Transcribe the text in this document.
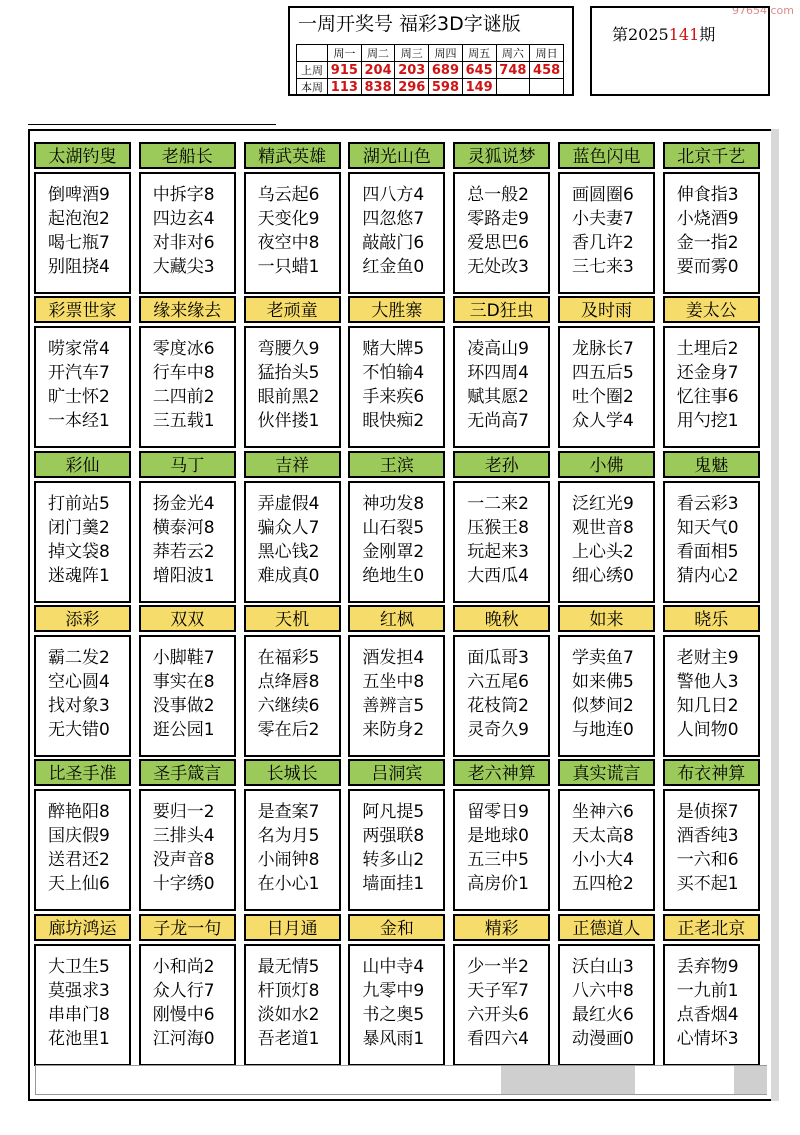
97654.com
一周开奖号 福彩3D字谜版
	周一	周二	周三	周四	周五	周六	周日
上周	915	204	203	689	645	748	458
本周	113	838	296	598	149		
第2025141期
太湖钓叟
倒啤酒9
起泡泡2
喝七瓶7
别阻挠4
老船长
中拆字8
四边玄4
对非对6
大藏尖3
精武英雄
乌云起6
天变化9
夜空中8
一只蜡1
湖光山色
四八方4
四忽悠7
敲敲门6
红金鱼0
灵狐说梦
总一般2
零路走9
爱思巴6
无处改3
蓝色闪电
画圆圈6
小夫妻7
香几许2
三七来3
北京千艺
伸食指3
小烧酒9
金一指2
要而雾0
彩票世家
唠家常4
开汽车7
旷士怀2
一本经1
缘来缘去
零度冰6
行车中8
二四前2
三五载1
老顽童
弯腰久9
猛抬头5
眼前黑2
伙伴搂1
大胜寨
赌大牌5
不怕输4
手来疾6
眼快痴2
三D狂虫
凌高山9
环四周4
赋其愿2
无尚高7
及时雨
龙脉长7
四五后5
吐个圈2
众人学4
姜太公
土埋后2
还金身7
忆往事6
用勺挖1
彩仙
打前站5
闭门羹2
掉文袋8
迷魂阵1
马丁
扬金光4
横泰河8
莽若云2
增阳波1
吉祥
弄虚假4
骗众人7
黑心钱2
难成真0
王滨
神功发8
山石裂5
金刚罩2
绝地生0
老孙
一二来2
压猴王8
玩起来3
大西瓜4
小佛
泛红光9
观世音8
上心头2
细心绣0
鬼魅
看云彩3
知天气0
看面相5
猜内心2
添彩
霸二发2
空心圆4
找对象3
无大错0
双双
小脚鞋7
事实在8
没事做2
逛公园1
天机
在福彩5
点绛唇8
六继续6
零在后2
红枫
酒发担4
五坐中8
善辨言5
来防身2
晚秋
面瓜哥3
六五尾6
花枝筒2
灵奇久9
如来
学卖鱼7
如来佛5
似梦间2
与地连0
晓乐
老财主9
警他人3
知几日2
人间物0
比圣手准
醉艳阳8
国庆假9
送君还2
天上仙6
圣手箴言
要归一2
三排头4
没声音8
十字绣0
长城长
是查案7
名为月5
小闹钟8
在小心1
吕洞宾
阿凡提5
两强联8
转多山2
墙面挂1
老六神算
留零日9
是地球0
五三中5
高房价1
真实谎言
坐神六6
天太高8
小小大4
五四枪2
布衣神算
是侦探7
酒香纯3
一六和6
买不起1
廊坊鸿运
大卫生5
莫强求3
串串门8
花池里1
子龙一句
小和尚2
众人行7
刚慢中6
江河海0
日月通
最无情5
杆顶灯8
淡如水2
吾老道1
金和
山中寺4
九零中9
书之奥5
暴风雨1
精彩
少一半2
天子军7
六开头6
看四六4
正德道人
沃白山3
八六中8
最红火6
动漫画0
正老北京
丢弃物9
一九前1
点香烟4
心情坏3
